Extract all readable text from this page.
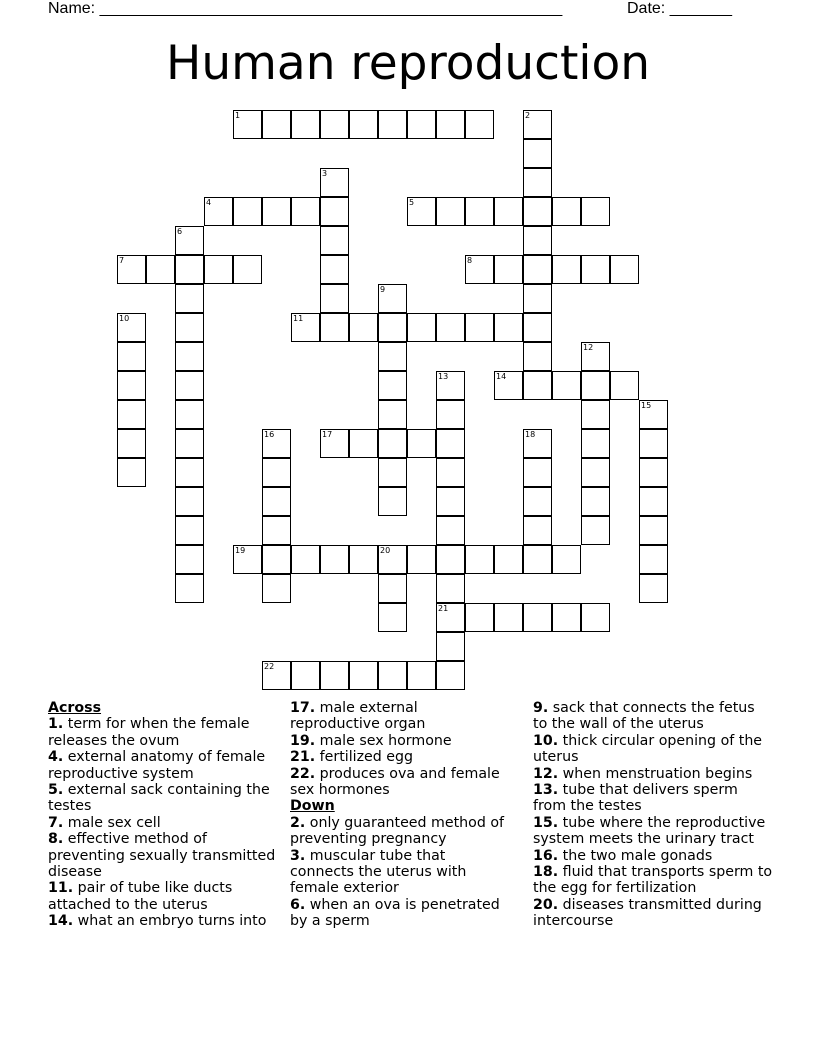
Name: ____________________________________________________	Date: _______
Human reproduction
1	2
3
4	5
6
7	8
9
10	11
12
13
21
14
15
16	17	18
19	20
22
Across
1. term for when the female releases the ovum
4. external anatomy of female reproductive system
5. external sack containing the testes
7. male sex cell
8. effective method of preventing sexually transmitted disease
11. pair of tube like ducts attached to the uterus
14. what an embryo turns into
17. male external reproductive organ
19. male sex hormone
21. fertilized egg
22. produces ova and female sex hormones
Down
2. only guaranteed method of preventing pregnancy
3. muscular tube that connects the uterus with female exterior
6. when an ova is penetrated by a sperm
9. sack that connects the fetus to the wall of the uterus
10. thick circular opening of the uterus
12. when menstruation begins
13. tube that delivers sperm from the testes
15. tube where the reproductive system meets the urinary tract
16. the two male gonads
18. fluid that transports sperm to the egg for fertilization
20. diseases transmitted during intercourse
